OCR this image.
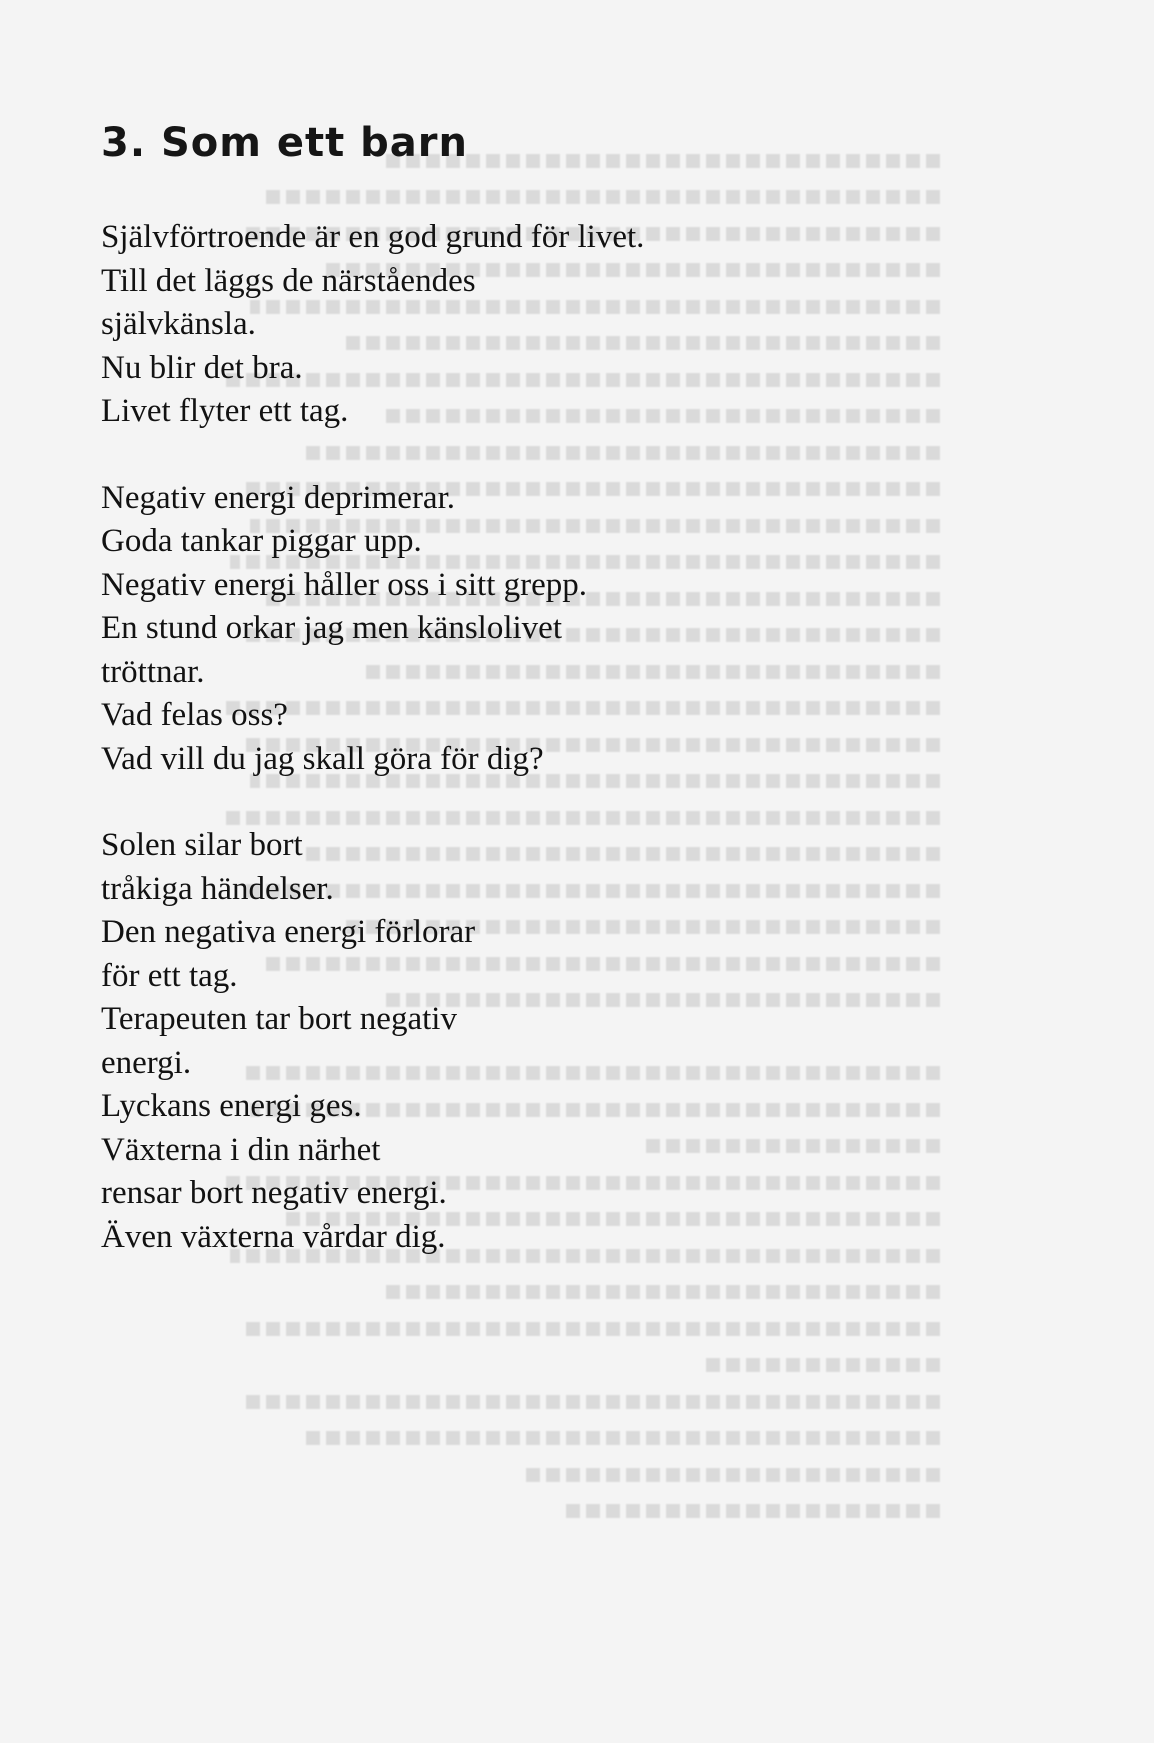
3. Som ett barn
Självförtroende är en god grund för livet.
Till det läggs de närståendes
självkänsla.
Nu blir det bra.
Livet flyter ett tag.
Negativ energi deprimerar.
Goda tankar piggar upp.
Negativ energi håller oss i sitt grepp.
En stund orkar jag men känslolivet
tröttnar.
Vad felas oss?
Vad vill du jag skall göra för dig?
Solen silar bort
tråkiga händelser.
Den negativa energi förlorar
för ett tag.
Terapeuten tar bort negativ
energi.
Lyckans energi ges.
Växterna i din närhet
rensar bort negativ energi.
Även växterna vårdar dig.
